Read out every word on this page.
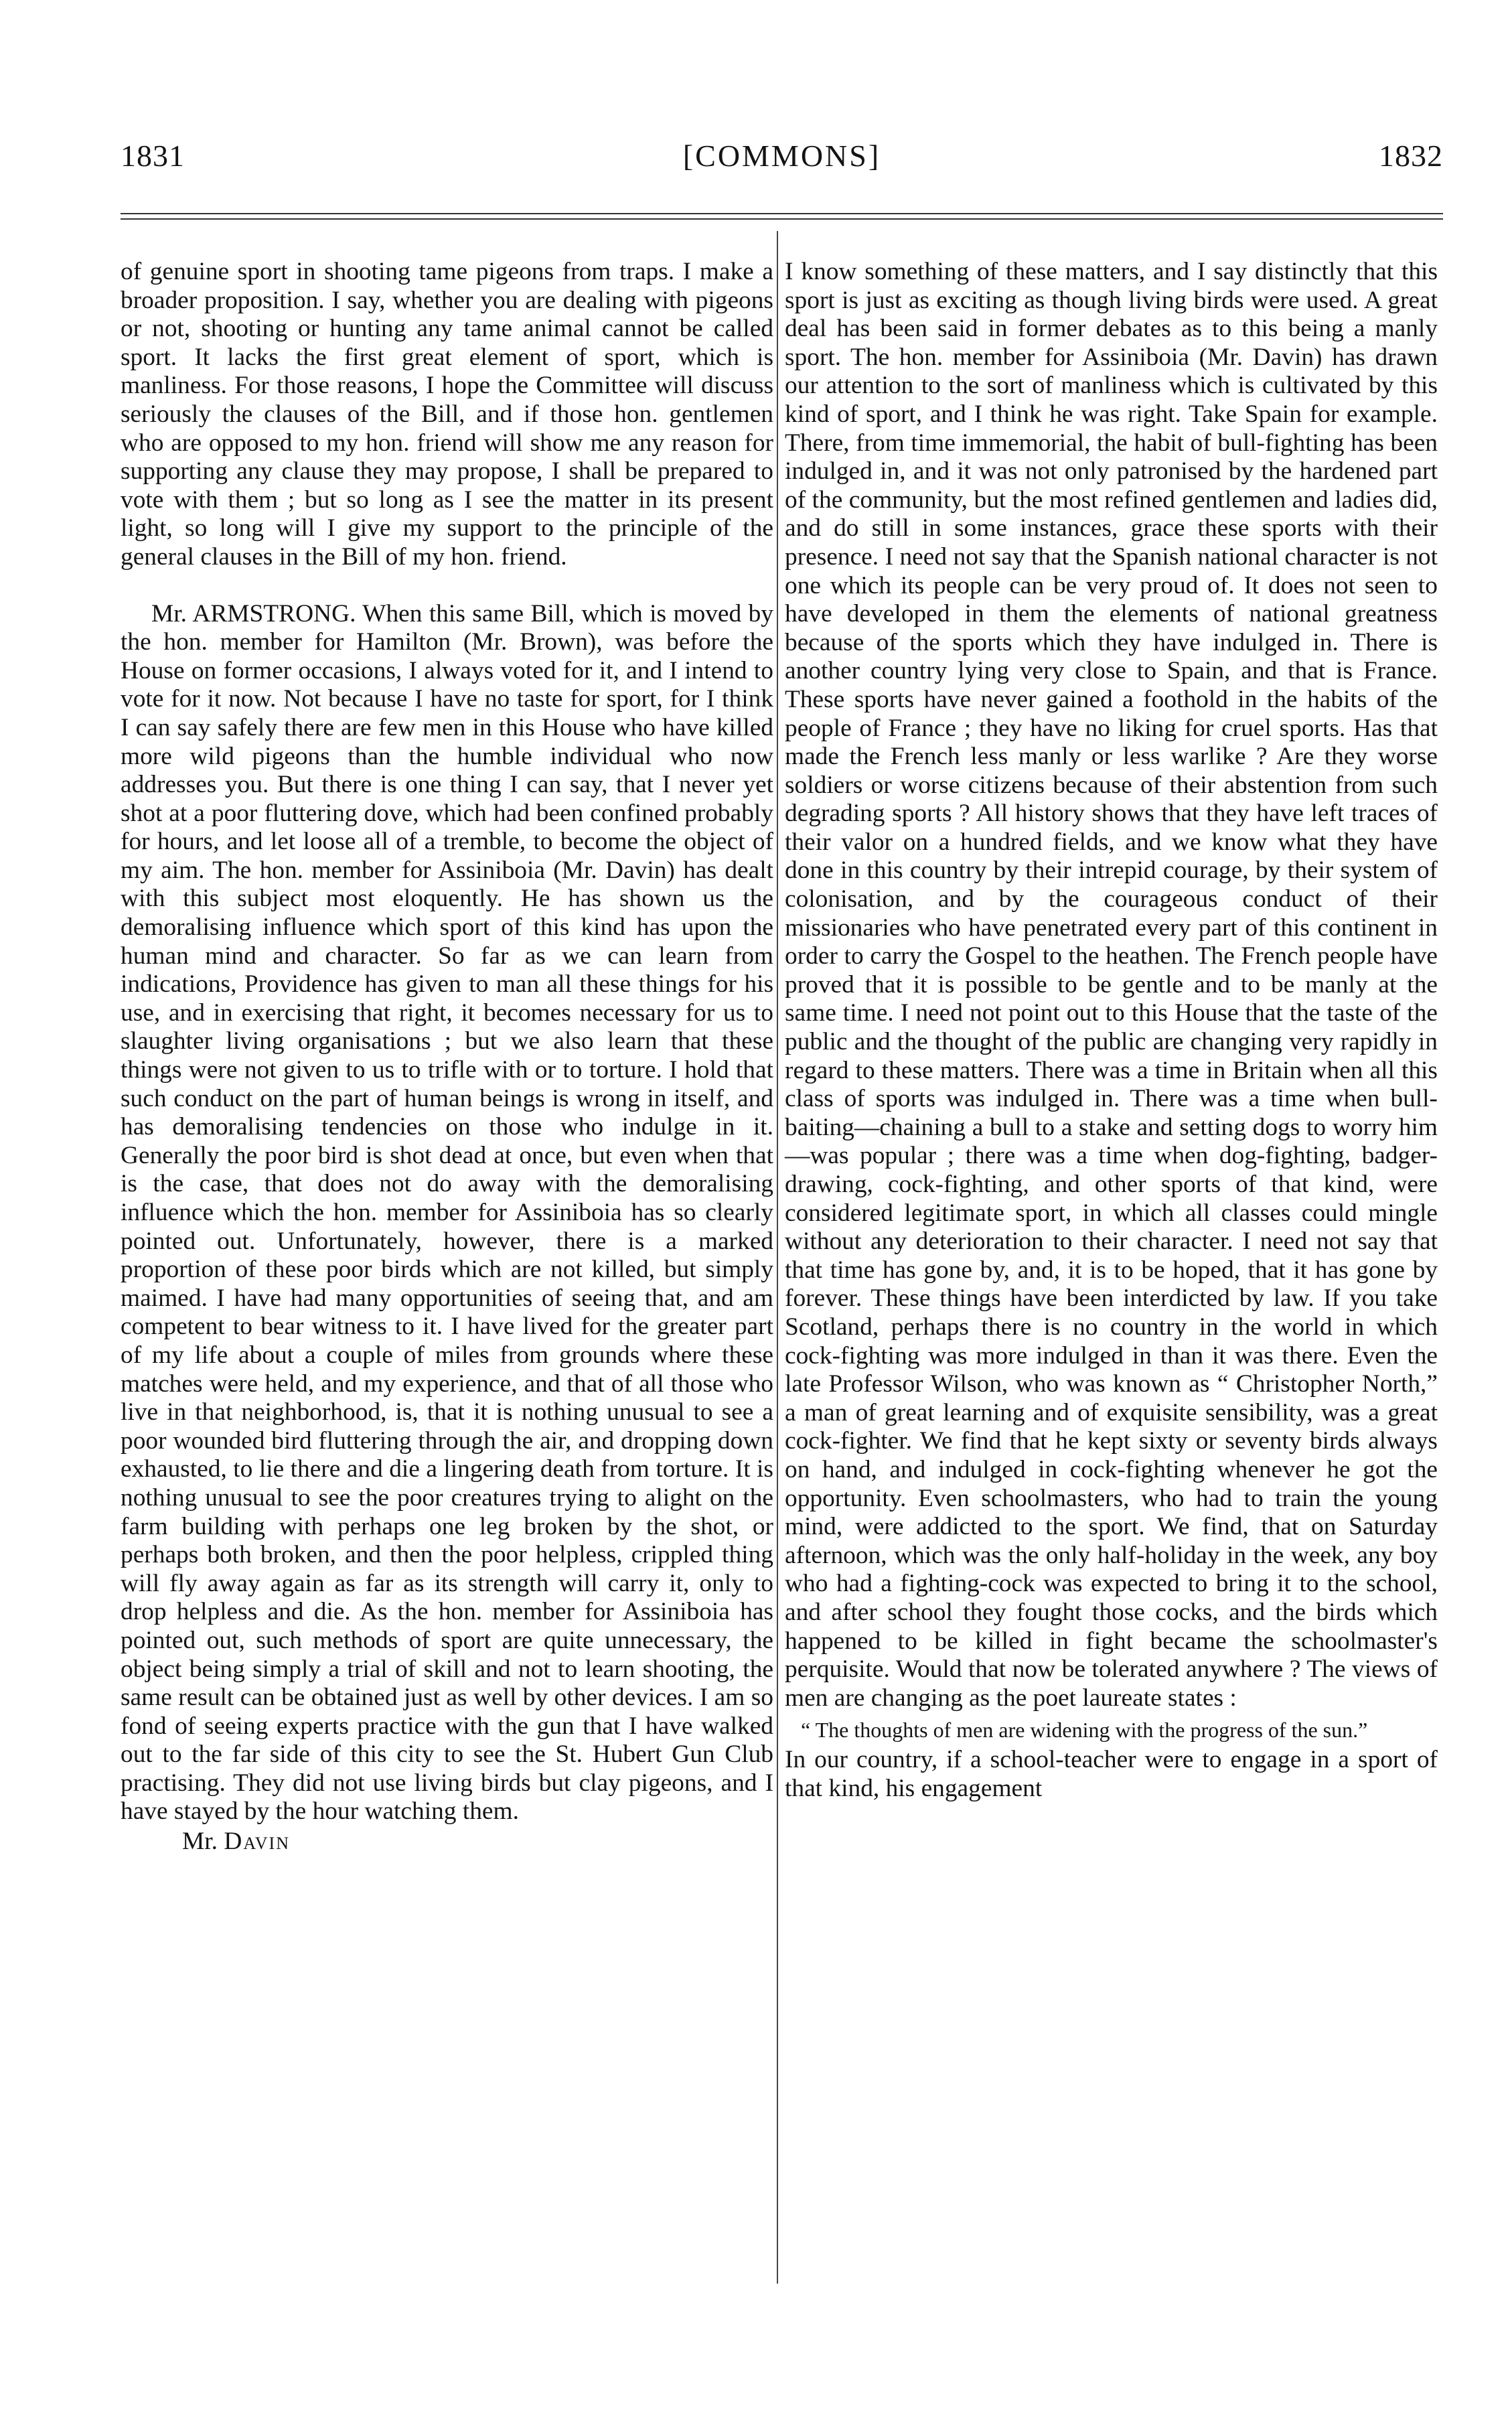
1831	[COMMONS]	1832

of genuine sport in shooting tame pigeons from traps. I make a broader proposition. I say, whether you are dealing with pigeons or not, shooting or hunting any tame animal cannot be called sport. It lacks the first great element of sport, which is manliness. For those reasons, I hope the Committee will discuss seriously the clauses of the Bill, and if those hon. gentlemen who are opposed to my hon. friend will show me any reason for supporting any clause they may propose, I shall be prepared to vote with them ; but so long as I see the matter in its present light, so long will I give my support to the principle of the general clauses in the Bill of my hon. friend.

Mr. ARMSTRONG. When this same Bill, which is moved by the hon. member for Hamilton (Mr. Brown), was before the House on former occasions, I always voted for it, and I intend to vote for it now. Not because I have no taste for sport, for I think I can say safely there are few men in this House who have killed more wild pigeons than the humble individual who now addresses you. But there is one thing I can say, that I never yet shot at a poor fluttering dove, which had been confined probably for hours, and let loose all of a tremble, to become the object of my aim. The hon. member for Assiniboia (Mr. Davin) has dealt with this subject most eloquently. He has shown us the demoralising influence which sport of this kind has upon the human mind and character. So far as we can learn from indications, Providence has given to man all these things for his use, and in exercising that right, it becomes necessary for us to slaughter living organisations ; but we also learn that these things were not given to us to trifle with or to torture. I hold that such conduct on the part of human beings is wrong in itself, and has demoralising tendencies on those who indulge in it. Generally the poor bird is shot dead at once, but even when that is the case, that does not do away with the demoralising influence which the hon. member for Assiniboia has so clearly pointed out. Unfortunately, however, there is a marked proportion of these poor birds which are not killed, but simply maimed. I have had many opportunities of seeing that, and am competent to bear witness to it. I have lived for the greater part of my life about a couple of miles from grounds where these matches were held, and my experience, and that of all those who live in that neighborhood, is, that it is nothing unusual to see a poor wounded bird fluttering through the air, and dropping down exhausted, to lie there and die a lingering death from torture. It is nothing unusual to see the poor creatures trying to alight on the farm building with perhaps one leg broken by the shot, or perhaps both broken, and then the poor helpless, crippled thing will fly away again as far as its strength will carry it, only to drop helpless and die. As the hon. member for Assiniboia has pointed out, such methods of sport are quite unnecessary, the object being simply a trial of skill and not to learn shooting, the same result can be obtained just as well by other devices. I am so fond of seeing experts practice with the gun that I have walked out to the far side of this city to see the St. Hubert Gun Club practising. They did not use living birds but clay pigeons, and I have stayed by the hour watching them.

Mr. Davin

I know something of these matters, and I say distinctly that this sport is just as exciting as though living birds were used. A great deal has been said in former debates as to this being a manly sport. The hon. member for Assiniboia (Mr. Davin) has drawn our attention to the sort of manliness which is cultivated by this kind of sport, and I think he was right. Take Spain for example. There, from time immemorial, the habit of bull-fighting has been indulged in, and it was not only patronised by the hardened part of the community, but the most refined gentlemen and ladies did, and do still in some instances, grace these sports with their presence. I need not say that the Spanish national character is not one which its people can be very proud of. It does not seen to have developed in them the elements of national greatness because of the sports which they have indulged in. There is another country lying very close to Spain, and that is France. These sports have never gained a foothold in the habits of the people of France ; they have no liking for cruel sports. Has that made the French less manly or less warlike ? Are they worse soldiers or worse citizens because of their abstention from such degrading sports ? All history shows that they have left traces of their valor on a hundred fields, and we know what they have done in this country by their intrepid courage, by their system of colonisation, and by the courageous conduct of their missionaries who have penetrated every part of this continent in order to carry the Gospel to the heathen. The French people have proved that it is possible to be gentle and to be manly at the same time. I need not point out to this House that the taste of the public and the thought of the public are changing very rapidly in regard to these matters. There was a time in Britain when all this class of sports was indulged in. There was a time when bull-baiting—chaining a bull to a stake and setting dogs to worry him—was popular ; there was a time when dog-fighting, badger-drawing, cock-fighting, and other sports of that kind, were considered legitimate sport, in which all classes could mingle without any deterioration to their character. I need not say that that time has gone by, and, it is to be hoped, that it has gone by forever. These things have been interdicted by law. If you take Scotland, perhaps there is no country in the world in which cock-fighting was more indulged in than it was there. Even the late Professor Wilson, who was known as “ Christopher North,” a man of great learning and of exquisite sensibility, was a great cock-fighter. We find that he kept sixty or seventy birds always on hand, and indulged in cock-fighting whenever he got the opportunity. Even schoolmasters, who had to train the young mind, were addicted to the sport. We find, that on Saturday afternoon, which was the only half-holiday in the week, any boy who had a fighting-cock was expected to bring it to the school, and after school they fought those cocks, and the birds which happened to be killed in fight became the schoolmaster's perquisite. Would that now be tolerated anywhere ? The views of men are changing as the poet laureate states :

“ The thoughts of men are widening with the progress of the sun.”

In our country, if a school-teacher were to engage in a sport of that kind, his engagement
